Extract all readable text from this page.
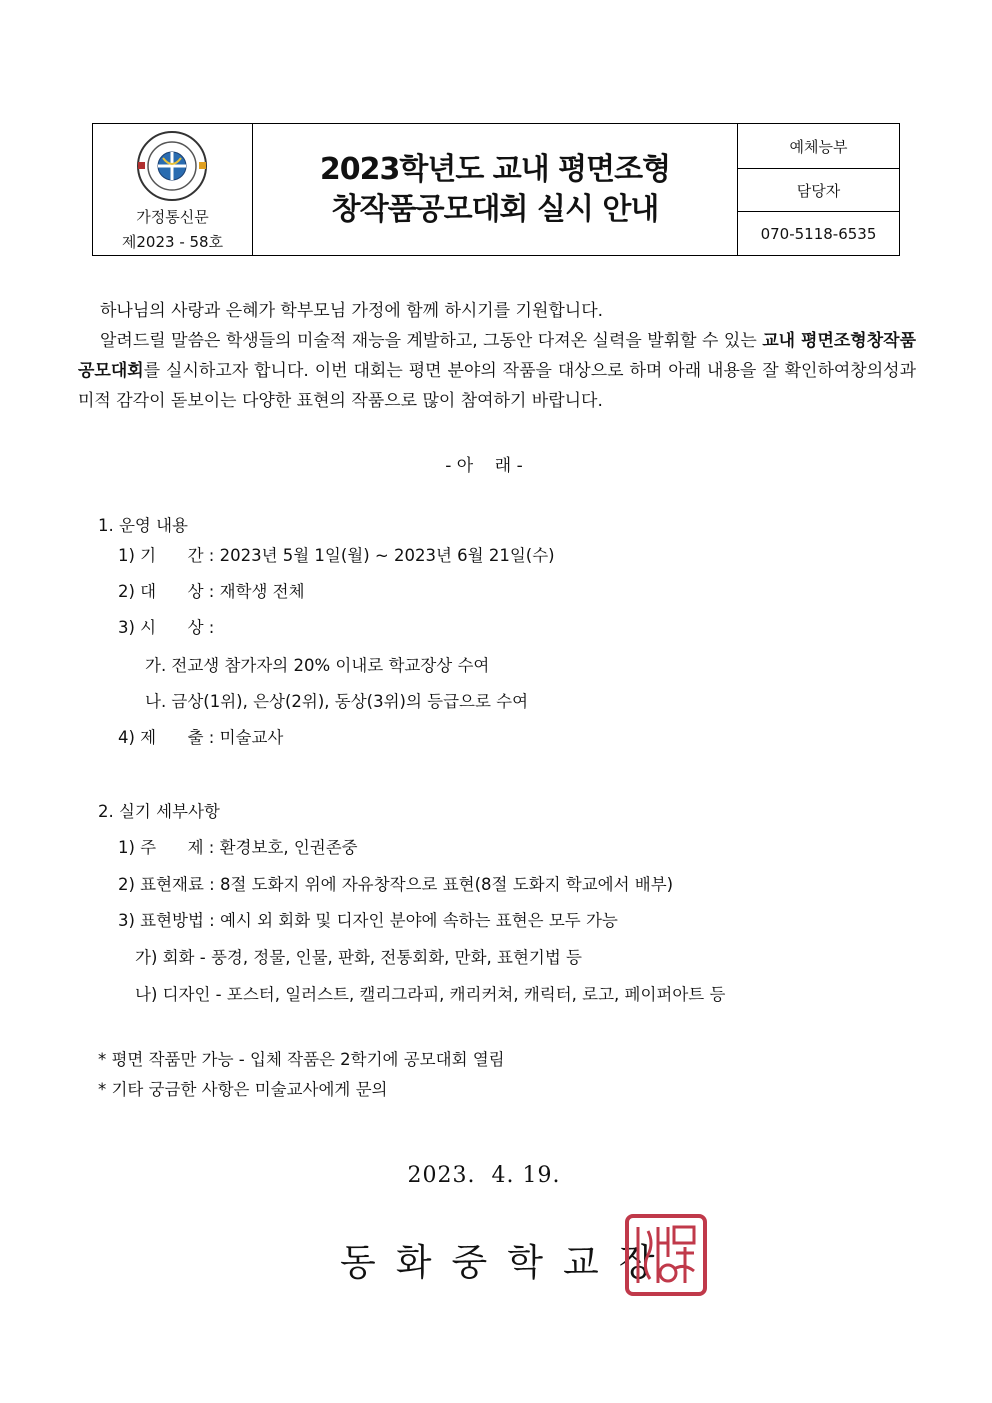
가정통신문
제2023 - 58호
2023학년도 교내 평면조형
창작품공모대회 실시 안내
예체능부
담당자
070-5118-6535
하나님의 사랑과 은혜가 학부모님 가정에 함께 하시기를 기원합니다.
알려드릴 말씀은 학생들의 미술적 재능을 계발하고, 그동안 다져온 실력을 발휘할 수 있는 교내 평면조형창작품공모대회를 실시하고자 합니다. 이번 대회는 평면 분야의 작품을 대상으로 하며 아래 내용을 잘 확인하여창의성과 미적 감각이 돋보이는 다양한 표현의 작품으로 많이 참여하기 바랍니다.
- 아    래 -
1. 운영 내용
1) 기      간 : 2023년 5월 1일(월) ~ 2023년 6월 21일(수)
2) 대      상 : 재학생 전체
3) 시      상 :
가. 전교생 참가자의 20% 이내로 학교장상 수여
나. 금상(1위), 은상(2위), 동상(3위)의 등급으로 수여
4) 제      출 : 미술교사
2. 실기 세부사항
1) 주      제 : 환경보호, 인권존중
2) 표현재료 : 8절 도화지 위에 자유창작으로 표현(8절 도화지 학교에서 배부)
3) 표현방법 : 예시 외 회화 및 디자인 분야에 속하는 표현은 모두 가능
가) 회화 - 풍경, 정물, 인물, 판화, 전통회화, 만화, 표현기법 등
나) 디자인 - 포스터, 일러스트, 캘리그라피, 캐리커쳐, 캐릭터, 로고, 페이퍼아트 등
* 평면 작품만 가능 - 입체 작품은 2학기에 공모대회 열림
* 기타 궁금한 사항은 미술교사에게 문의
2023.  4. 19.
동화중학교장
